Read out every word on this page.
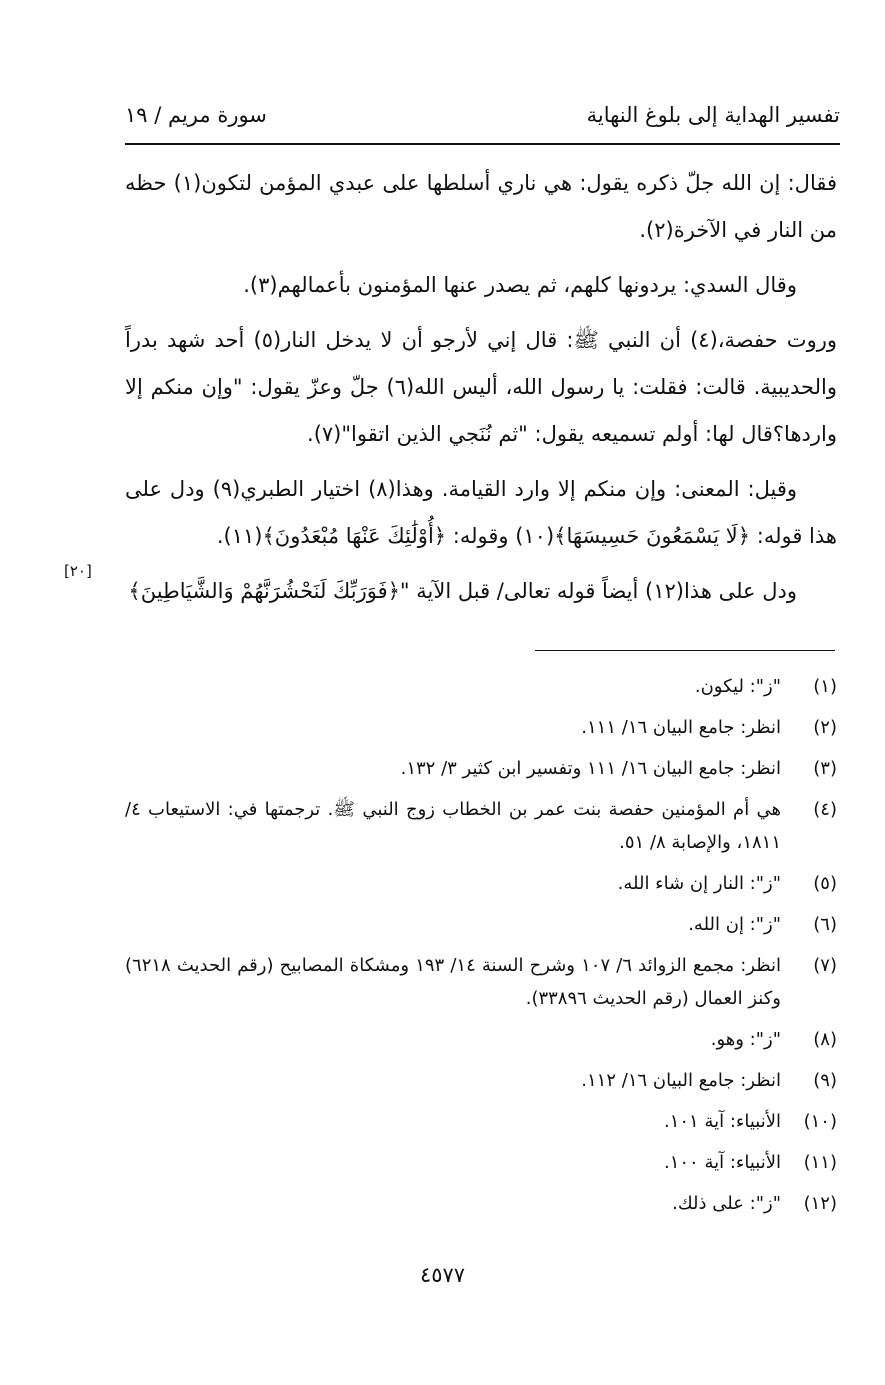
تفسير الهداية إلى بلوغ النهاية
سورة مريم / ١٩

فقال: إن الله جلّ ذكره يقول: هي ناري أسلطها على عبدي المؤمن لتكون(١) حظه من النار في الآخرة(٢).

وقال السدي: يردونها كلهم، ثم يصدر عنها المؤمنون بأعمالهم(٣).

وروت حفصة،(٤) أن النبي ﷺ: قال إني لأرجو أن لا يدخل النار(٥) أحد شهد بدراً والحديبية. قالت: فقلت: يا رسول الله، أليس الله(٦) جلّ وعزّ يقول: "وإن منكم إلا واردها؟قال لها: أولم تسميعه يقول: "ثم نُنَجي الذين اتقوا"(٧).

وقيل: المعنى: وإن منكم إلا وارد القيامة. وهذا(٨) اختيار الطبري(٩) ودل على هذا قوله: ﴿لَا يَسْمَعُونَ حَسِيسَهَا﴾(١٠) وقوله: ﴿أُوْلَٰئِكَ عَنْهَا مُبْعَدُونَ﴾(١١).

ودل على هذا(١٢) أيضاً قوله تعالى/ قبل الآية "﴿فَوَرَبِّكَ لَنَحْشُرَنَّهُمْ وَالشَّيَاطِينَ﴾

[٢٠]
(١)
"ز": ليكون.
(٢)
انظر: جامع البيان ١٦/ ١١١.
(٣)
انظر: جامع البيان ١٦/ ١١١ وتفسير ابن كثير ٣/ ١٣٢.
(٤)
هي أم المؤمنين حفصة بنت عمر بن الخطاب زوج النبي ﷺ. ترجمتها في: الاستيعاب ٤/ ١٨١١، والإصابة ٨/ ٥١.
(٥)
"ز": النار إن شاء الله.
(٦)
"ز": إن الله.
(٧)
انظر: مجمع الزوائد ٦/ ١٠٧ وشرح السنة ١٤/ ١٩٣ ومشكاة المصابيح (رقم الحديث ٦٢١٨) وكنز العمال (رقم الحديث ٣٣٨٩٦).
(٨)
"ز": وهو.
(٩)
انظر: جامع البيان ١٦/ ١١٢.
(١٠)
الأنبياء: آية ١٠١.
(١١)
الأنبياء: آية ١٠٠.
(١٢)
"ز": على ذلك.
٤٥٧٧
